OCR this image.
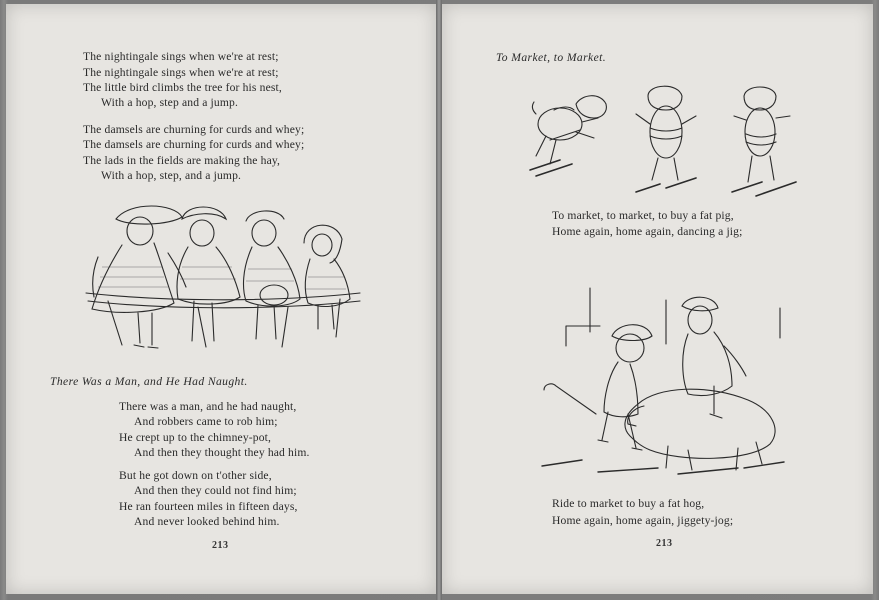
The nightingale sings when we're at rest;
The nightingale sings when we're at rest;
The little bird climbs the tree for his nest,
With a hop, step and a jump.
The damsels are churning for curds and whey;
The damsels are churning for curds and whey;
The lads in the fields are making the hay,
With a hop, step, and a jump.
There Was a Man, and He Had Naught.
There was a man, and he had naught,
And robbers came to rob him;
He crept up to the chimney-pot,
And then they thought they had him.
But he got down on t'other side,
And then they could not find him;
He ran fourteen miles in fifteen days,
And never looked behind him.
213
To Market, to Market.
To market, to market, to buy a fat pig,
Home again, home again, dancing a jig;
Ride to market to buy a fat hog,
Home again, home again, jiggety-jog;
213
